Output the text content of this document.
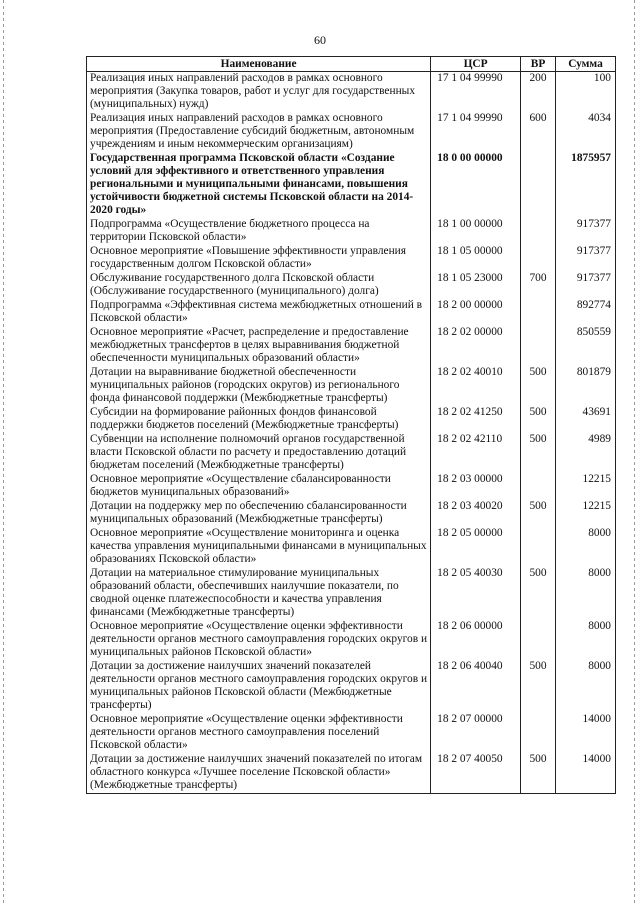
60
Наименование	ЦСР	ВР	Сумма
Реализация иных направлений расходов в рамках основного мероприятия (Закупка товаров, работ и услуг для государственных (муниципальных) нужд)	17 1 04 99990	200	100
Реализация иных направлений расходов в рамках основного мероприятия (Предоставление субсидий бюджетным, автономным учреждениям и иным некоммерческим организациям)	17 1 04 99990	600	4034
Государственная программа Псковской области «Создание условий для эффективного и ответственного управления региональными и муниципальными финансами, повышения устойчивости бюджетной системы Псковской области на 2014-2020 годы»	18 0 00 00000		1875957
Подпрограмма «Осуществление бюджетного процесса на территории Псковской области»	18 1 00 00000		917377
Основное мероприятие «Повышение эффективности управления государственным долгом Псковской области»	18 1 05 00000		917377
Обслуживание государственного долга Псковской области (Обслуживание государственного (муниципального) долга)	18 1 05 23000	700	917377
Подпрограмма «Эффективная система межбюджетных отношений в Псковской области»	18 2 00 00000		892774
Основное мероприятие «Расчет, распределение и предоставление межбюджетных трансфертов в целях выравнивания бюджетной обеспеченности муниципальных образований области»	18 2 02 00000		850559
Дотации на выравнивание бюджетной обеспеченности муниципальных районов (городских округов) из регионального фонда финансовой поддержки (Межбюджетные трансферты)	18 2 02 40010	500	801879
Субсидии на формирование районных фондов финансовой поддержки бюджетов поселений (Межбюджетные трансферты)	18 2 02 41250	500	43691
Субвенции на исполнение полномочий органов государственной власти Псковской области по расчету и предоставлению дотаций бюджетам поселений (Межбюджетные трансферты)	18 2 02 42110	500	4989
Основное мероприятие «Осуществление сбалансированности бюджетов муниципальных образований»	18 2 03 00000		12215
Дотации на поддержку мер по обеспечению сбалансированности муниципальных образований (Межбюджетные трансферты)	18 2 03 40020	500	12215
Основное мероприятие «Осуществление мониторинга и оценка качества управления муниципальными финансами в муниципальных образованиях Псковской области»	18 2 05 00000		8000
Дотации на материальное стимулирование муниципальных образований области, обеспечивших наилучшие показатели, по сводной оценке платежеспособности и качества управления финансами (Межбюджетные трансферты)	18 2 05 40030	500	8000
Основное мероприятие «Осуществление оценки эффективности деятельности органов местного самоуправления городских округов и муниципальных районов Псковской области»	18 2 06 00000		8000
Дотации за достижение наилучших значений показателей деятельности органов местного самоуправления городских округов и муниципальных районов Псковской области (Межбюджетные трансферты)	18 2 06 40040	500	8000
Основное мероприятие «Осуществление оценки эффективности деятельности органов местного самоуправления поселений Псковской области»	18 2 07 00000		14000
Дотации за достижение наилучших значений показателей по итогам областного конкурса «Лучшее поселение Псковской области» (Межбюджетные трансферты)	18 2 07 40050	500	14000
